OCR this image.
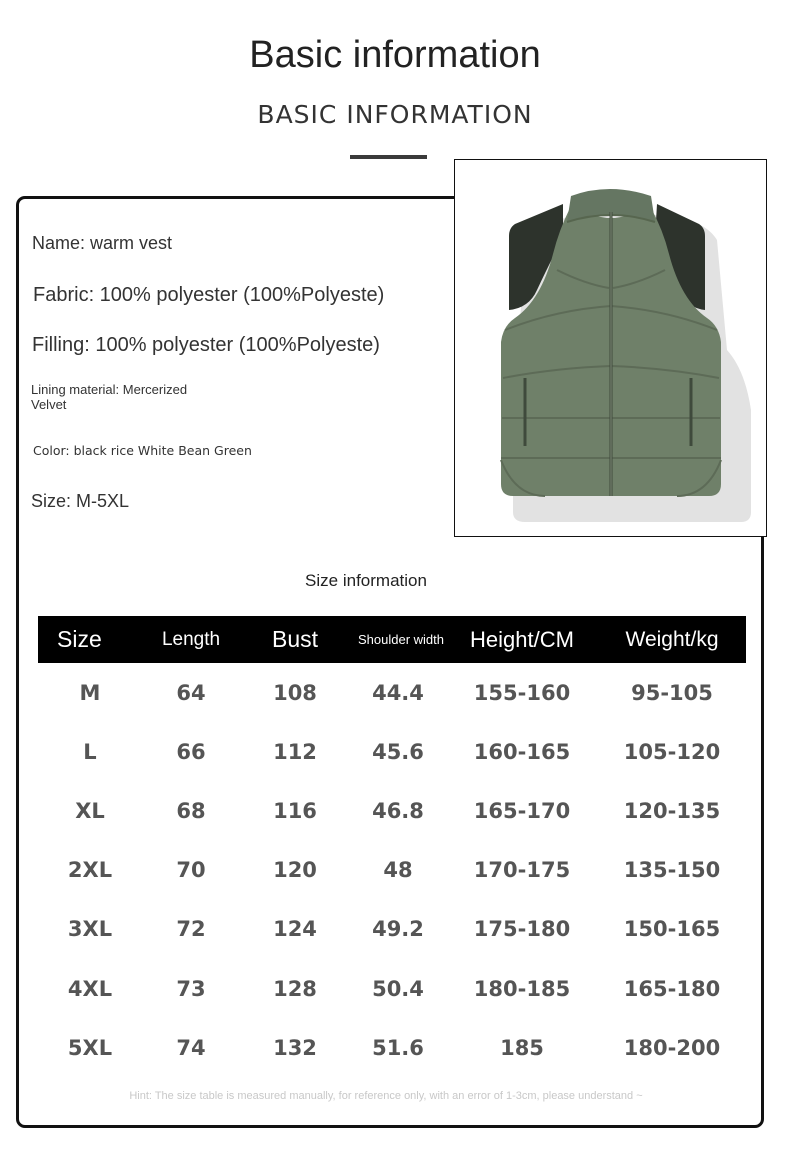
Basic information
BASIC INFORMATION
Name: warm vest
Fabric: 100% polyester (100%Polyeste)
Filling: 100% polyester (100%Polyeste)
Lining material: Mercerized Velvet
Color: black rice White Bean Green
Size: M-5XL
Size information
Size	Length	Bust	Shoulder width	Height/CM	Weight/kg
M	64	108	44.4	155-160	95-105
L	66	112	45.6	160-165	105-120
XL	68	116	46.8	165-170	120-135
2XL	70	120	48	170-175	135-150
3XL	72	124	49.2	175-180	150-165
4XL	73	128	50.4	180-185	165-180
5XL	74	132	51.6	185	180-200
Hint: The size table is measured manually, for reference only, with an error of 1-3cm, please understand ~
